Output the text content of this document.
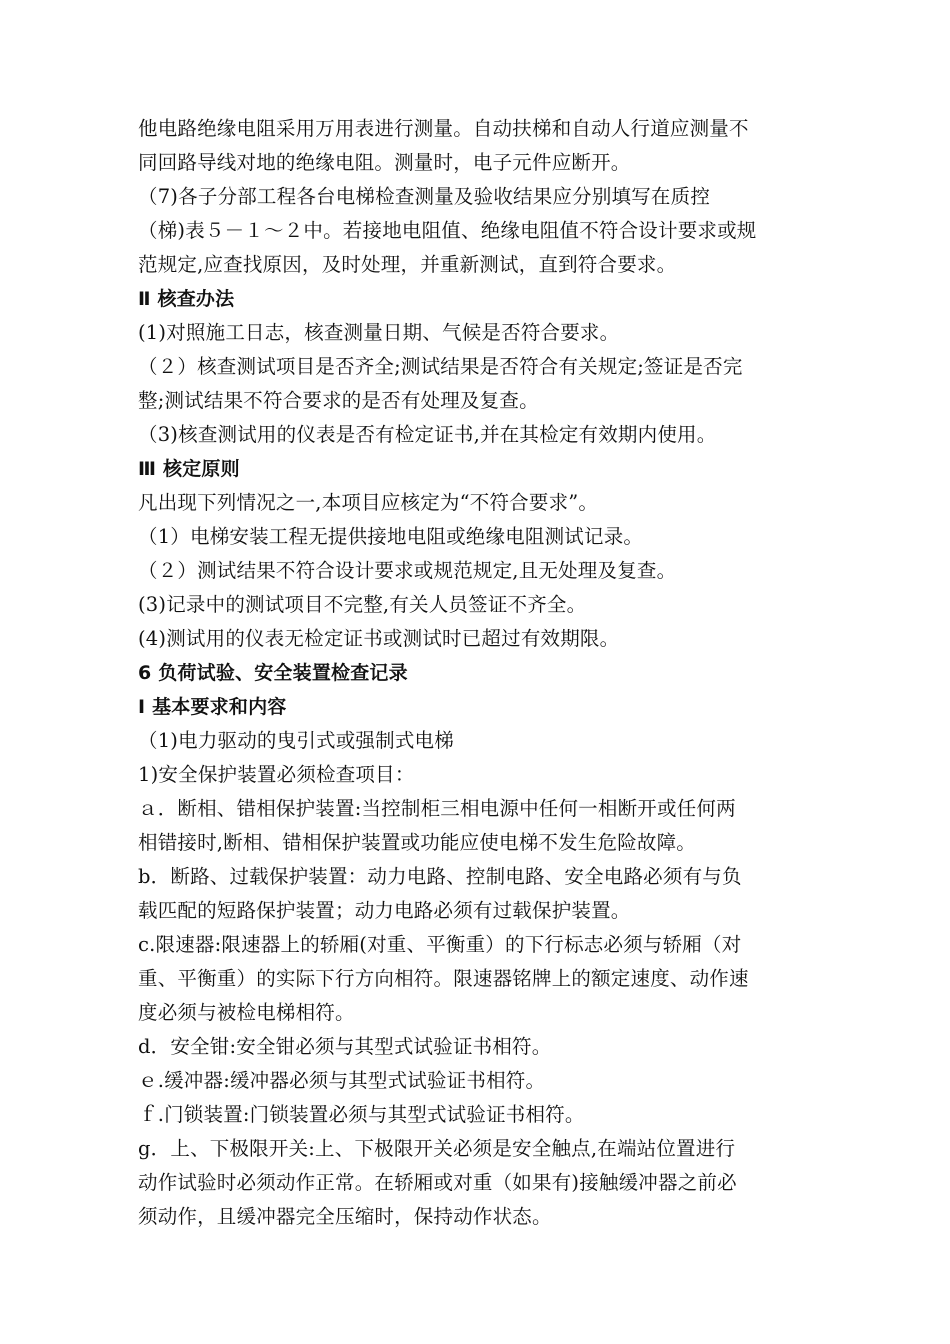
他电路绝缘电阻采用万用表进行测量。自动扶梯和自动人行道应测量不
同回路导线对地的绝缘电阻。测量时，电子元件应断开。
（7)各子分部工程各台电梯检查测量及验收结果应分别填写在质控
（梯)表５－１～２中。若接地电阻值、绝缘电阻值不符合设计要求或规
范规定,应查找原因，及时处理，并重新测试，直到符合要求。
Ⅱ 核查办法
(1)对照施工日志，核查测量日期、气候是否符合要求。
（２）核查测试项目是否齐全;测试结果是否符合有关规定;签证是否完
整;测试结果不符合要求的是否有处理及复查。
（3)核查测试用的仪表是否有检定证书,并在其检定有效期内使用。
Ⅲ 核定原则
凡出现下列情况之一,本项目应核定为“不符合要求”。
（1）电梯安装工程无提供接地电阻或绝缘电阻测试记录。
（２）测试结果不符合设计要求或规范规定,且无处理及复查。
(3)记录中的测试项目不完整,有关人员签证不齐全。
(4)测试用的仪表无检定证书或测试时已超过有效期限。
6 负荷试验、安全装置检查记录
Ⅰ 基本要求和内容
（1)电力驱动的曳引式或强制式电梯
1)安全保护装置必须检查项目：
ａ．断相、错相保护装置:当控制柜三相电源中任何一相断开或任何两
相错接时,断相、错相保护装置或功能应使电梯不发生危险故障。
b．断路、过载保护装置：动力电路、控制电路、安全电路必须有与负
载匹配的短路保护装置；动力电路必须有过载保护装置。
c.限速器:限速器上的轿厢(对重、平衡重）的下行标志必须与轿厢（对
重、平衡重）的实际下行方向相符。限速器铭牌上的额定速度、动作速
度必须与被检电梯相符。
d．安全钳:安全钳必须与其型式试验证书相符。
ｅ.缓冲器:缓冲器必须与其型式试验证书相符。
ｆ.门锁装置:门锁装置必须与其型式试验证书相符。
g．上、下极限开关:上、下极限开关必须是安全触点,在端站位置进行
动作试验时必须动作正常。在轿厢或对重（如果有)接触缓冲器之前必
须动作，且缓冲器完全压缩时，保持动作状态。
